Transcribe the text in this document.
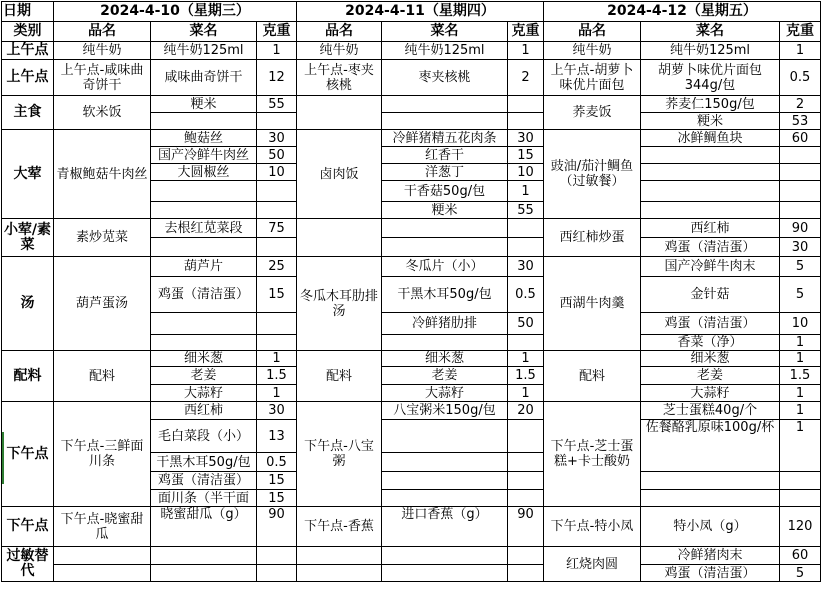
日期	2024-4-10（星期三）			2024-4-11（星期四）			2024-4-12（星期五）		
类别	品名	菜名	克重	品名	菜名	克重	品名	菜名	克重
上午点	纯牛奶	纯牛奶125ml	1	纯牛奶	纯牛奶125ml	1	纯牛奶	纯牛奶125ml	1
上午点	上午点-咸味曲奇饼干	咸味曲奇饼干	12	上午点-枣夹核桃	枣夹核桃	2	上午点-胡萝卜味优片面包	胡萝卜味优片面包344g/包	0.5
主食	软米饭	粳米	55				荞麦饭	荞麦仁150g/包	2
								粳米	53
大荤	青椒鲍菇牛肉丝	鲍菇丝	30	卤肉饭	冷鲜猪精五花肉条	30	豉油/茄汁鲷鱼（过敏餐）	冰鲜鲷鱼块	60
		国产冷鲜牛肉丝	50		红香干	15			
		大圆椒丝	10		洋葱丁	10			
					干香菇50g/包	1			
					粳米	55			
小荤/素菜	素炒苋菜	去根红苋菜段	75				西红柿炒蛋	西红柿	90
								鸡蛋（清洁蛋）	30
汤	葫芦蛋汤	葫芦片	25	冬瓜木耳肋排汤	冬瓜片（小）	30	西湖牛肉羹	国产冷鲜牛肉末	5
		鸡蛋（清洁蛋）	15		干黑木耳50g/包	0.5		金针菇	5
					冷鲜猪肋排	50		鸡蛋（清洁蛋）	10
								香菜（净）	1
配料	配料	细米葱	1	配料	细米葱	1	配料	细米葱	1
		老姜	1.5		老姜	1.5		老姜	1.5
		大蒜籽	1		大蒜籽	1		大蒜籽	1
下午点	下午点-三鲜面川条	西红柿	30	下午点-八宝粥	八宝粥米150g/包	20	下午点-芝士蛋糕+卡士酸奶	芝士蛋糕40g/个	1
		毛白菜段（小）	13					佐餐酪乳原味100g/杯	1
		干黑木耳50g/包	0.5						
		鸡蛋（清洁蛋）	15						
		面川条（半干面	15						
下午点	下午点-晓蜜甜瓜	晓蜜甜瓜（g）	90	下午点-香蕉	进口香蕉（g）	90	下午点-特小凤	特小凤（g）	120
过敏替代							红烧肉圆	冷鲜猪肉末	60
								鸡蛋（清洁蛋）	5
